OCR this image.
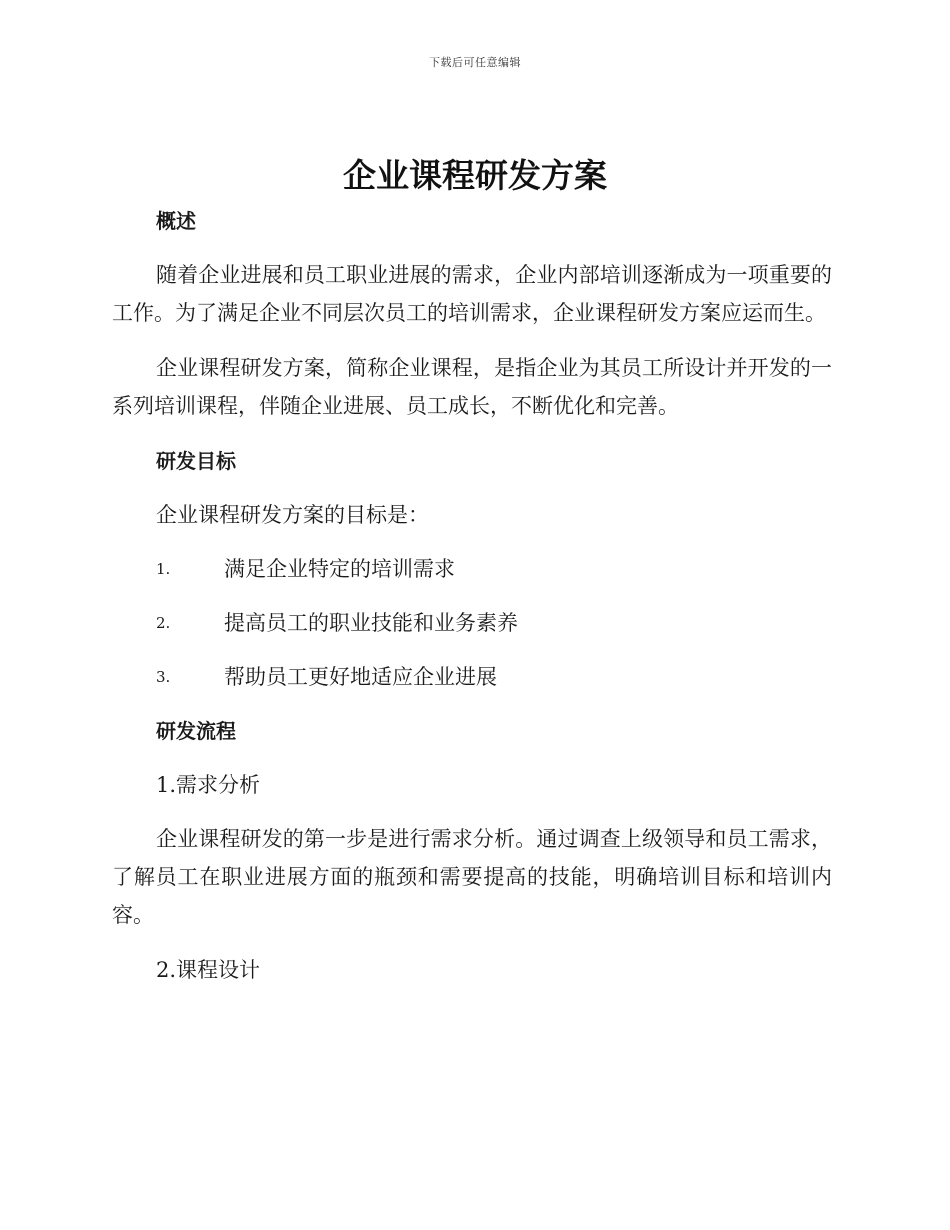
下载后可任意编辑
企业课程研发方案

概述

随着企业进展和员工职业进展的需求，企业内部培训逐渐成为一项重要的工作。为了满足企业不同层次员工的培训需求，企业课程研发方案应运而生。

企业课程研发方案，简称企业课程，是指企业为其员工所设计并开发的一系列培训课程，伴随企业进展、员工成长，不断优化和完善。

研发目标

企业课程研发方案的目标是：

1.	满足企业特定的培训需求
2.	提高员工的职业技能和业务素养
3.	帮助员工更好地适应企业进展

研发流程

1.需求分析

企业课程研发的第一步是进行需求分析。通过调查上级领导和员工需求，了解员工在职业进展方面的瓶颈和需要提高的技能，明确培训目标和培训内容。

2.课程设计
